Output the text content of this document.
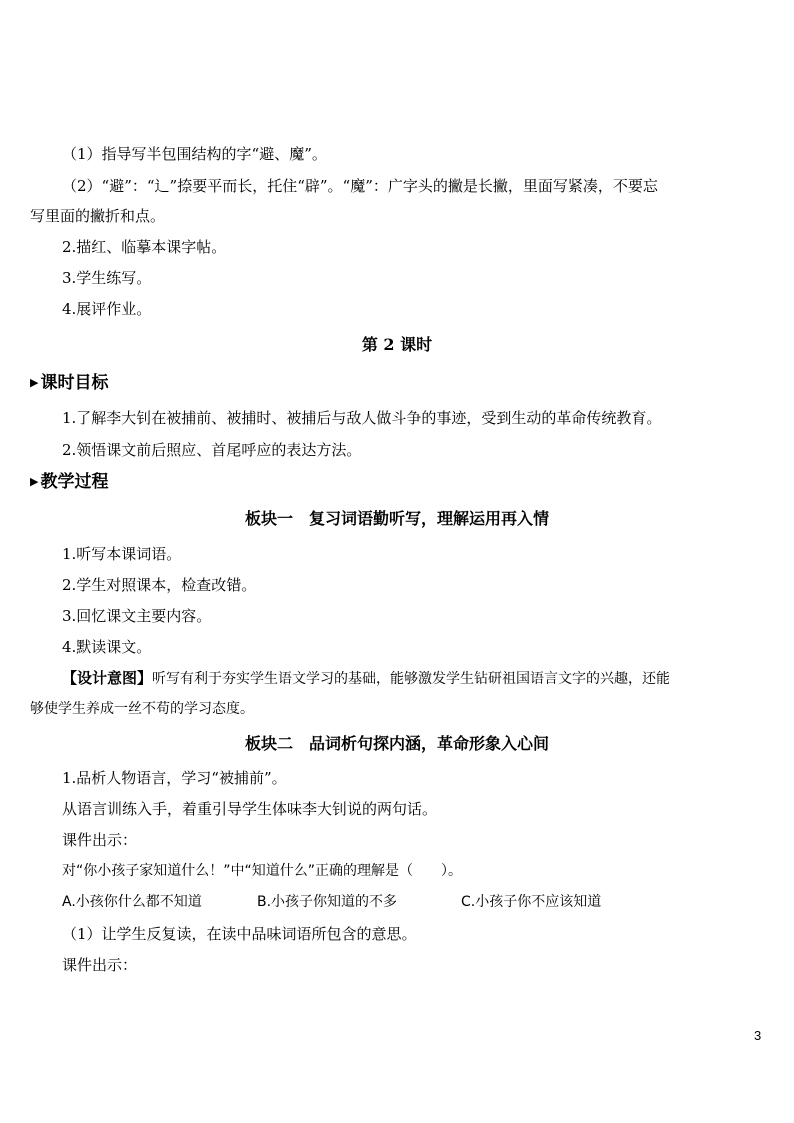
（1）指导写半包围结构的字“避、魔”。
（2）“避”：“辶”捺要平而长，托住“辟”。“魔”：广字头的撇是长撇，里面写紧凑，不要忘
写里面的撇折和点。
2.描红、临摹本课字帖。
3.学生练写。
4.展评作业。
第 2 课时
▶ 课时目标
1.了解李大钊在被捕前、被捕时、被捕后与敌人做斗争的事迹，受到生动的革命传统教育。
2.领悟课文前后照应、首尾呼应的表达方法。
▶ 教学过程
板块一　复习词语勤听写，理解运用再入情
1.听写本课词语。
2.学生对照课本，检查改错。
3.回忆课文主要内容。
4.默读课文。
【设计意图】听写有利于夯实学生语文学习的基础，能够激发学生钻研祖国语言文字的兴趣，还能
够使学生养成一丝不苟的学习态度。
板块二　品词析句探内涵，革命形象入心间
1.品析人物语言，学习“被捕前”。
从语言训练入手，着重引导学生体味李大钊说的两句话。
课件出示：
对“你小孩子家知道什么！”中“知道什么”正确的理解是（　　）。
A.小孩你什么都不知道	B.小孩子你知道的不多	C.小孩子你不应该知道
（1）让学生反复读，在读中品味词语所包含的意思。
课件出示：
3
